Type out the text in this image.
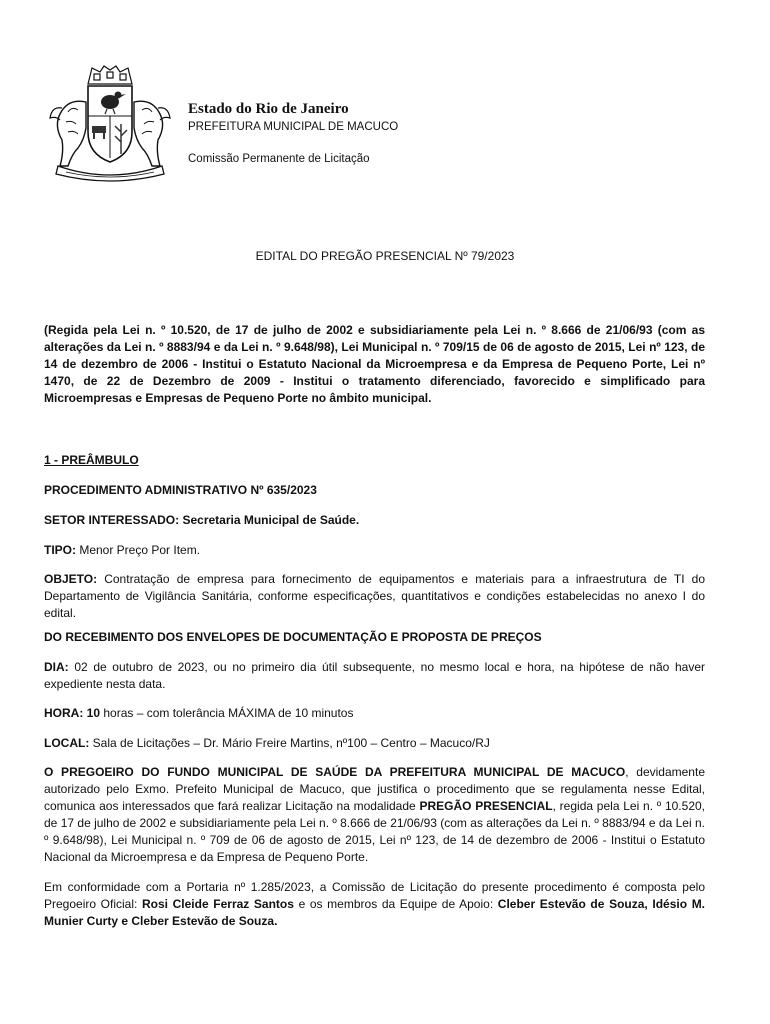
Estado do Rio de Janeiro
PREFEITURA MUNICIPAL DE MACUCO
Comissão Permanente de Licitação
EDITAL DO PREGÃO PRESENCIAL Nº 79/2023
(Regida pela Lei n. º 10.520, de 17 de julho de 2002 e subsidiariamente pela Lei n. º 8.666 de 21/06/93 (com as alterações da Lei n. º 8883/94 e da Lei n. º 9.648/98), Lei Municipal n. º 709/15 de 06 de agosto de 2015, Lei nº 123, de 14 de dezembro de 2006 - Institui o Estatuto Nacional da Microempresa e da Empresa de Pequeno Porte, Lei nº 1470, de 22 de Dezembro de 2009 - Institui o tratamento diferenciado, favorecido e simplificado para Microempresas e Empresas de Pequeno Porte no âmbito municipal.
1 - PREÂMBULO
PROCEDIMENTO ADMINISTRATIVO Nº 635/2023
SETOR INTERESSADO: Secretaria Municipal de Saúde.
TIPO: Menor Preço Por Item.
OBJETO: Contratação de empresa para fornecimento de equipamentos e materiais para a infraestrutura de TI do Departamento de Vigilância Sanitária, conforme especificações, quantitativos e condições estabelecidas no anexo I do edital.
DO RECEBIMENTO DOS ENVELOPES DE DOCUMENTAÇÃO E PROPOSTA DE PREÇOS
DIA: 02 de outubro de 2023, ou no primeiro dia útil subsequente, no mesmo local e hora, na hipótese de não haver expediente nesta data.
HORA: 10 horas – com tolerância MÁXIMA de 10 minutos
LOCAL: Sala de Licitações – Dr. Mário Freire Martins, nº100 – Centro – Macuco/RJ
O PREGOEIRO DO FUNDO MUNICIPAL DE SAÚDE DA PREFEITURA MUNICIPAL DE MACUCO, devidamente autorizado pelo Exmo. Prefeito Municipal de Macuco, que justifica o procedimento que se regulamenta nesse Edital, comunica aos interessados que fará realizar Licitação na modalidade PREGÃO PRESENCIAL, regida pela Lei n. º 10.520, de 17 de julho de 2002 e subsidiariamente pela Lei n. º 8.666 de 21/06/93 (com as alterações da Lei n. º 8883/94 e da Lei n. º 9.648/98), Lei Municipal n. º 709 de 06 de agosto de 2015, Lei nº 123, de 14 de dezembro de 2006 - Institui o Estatuto Nacional da Microempresa e da Empresa de Pequeno Porte.
Em conformidade com a Portaria nº 1.285/2023, a Comissão de Licitação do presente procedimento é composta pelo Pregoeiro Oficial: Rosi Cleide Ferraz Santos e os membros da Equipe de Apoio: Cleber Estevão de Souza, Idésio M. Munier Curty e Cleber Estevão de Souza.
